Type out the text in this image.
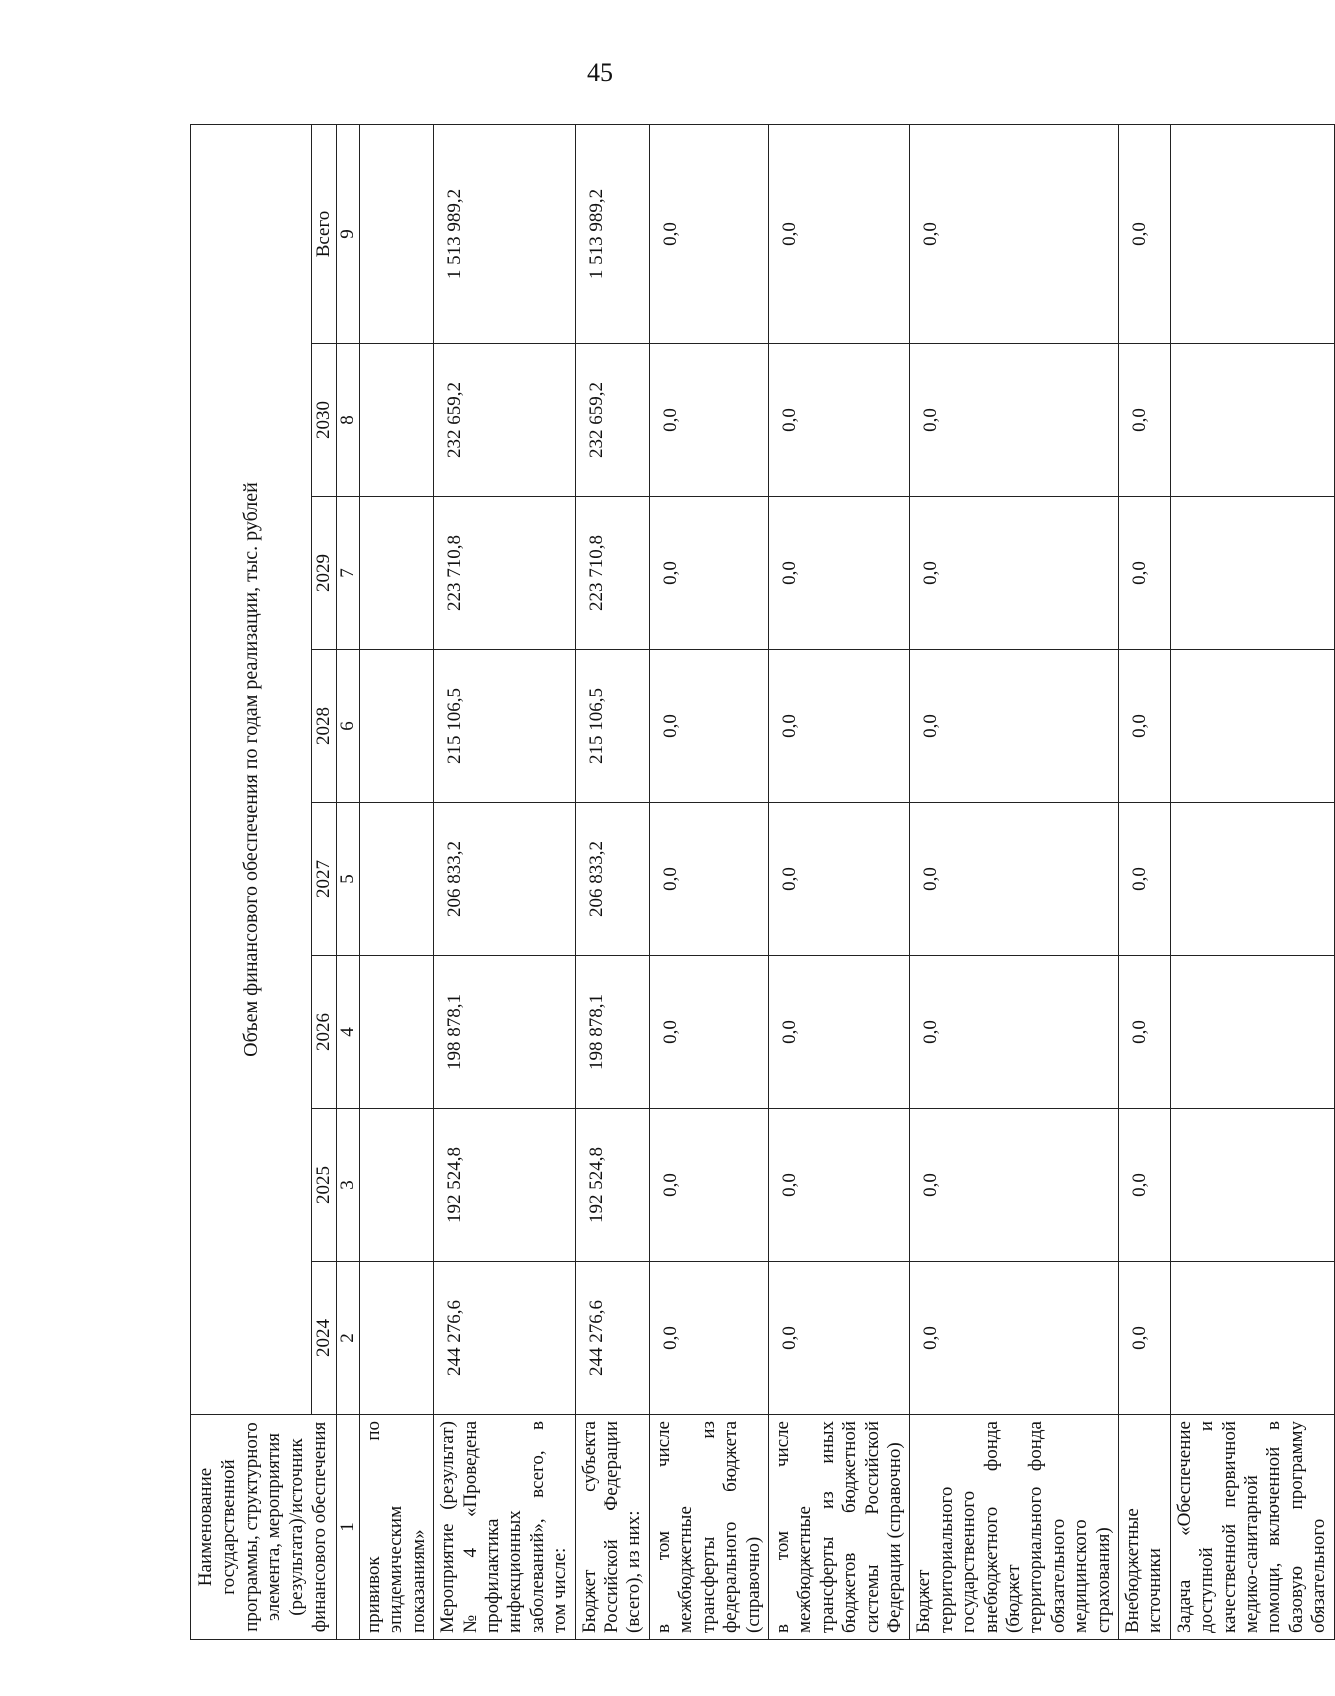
45
Наименование государственной программы, структурного элемента, мероприятия (результата)/источник финансового обеспечения	Объем финансового обеспечения по годам реализации, тыс. рублей							
	2024	2025	2026	2027	2028	2029	2030	Всего
1	2	3	4	5	6	7	8	9
прививок по эпидемическим показаниям»								
Мероприятие (результат) № 4 «Проведена профилактика инфекционных заболеваний», всего, в том числе:	244 276,6	192 524,8	198 878,1	206 833,2	215 106,5	223 710,8	232 659,2	1 513 989,2
Бюджет субъекта Российской Федерации (всего), из них:	244 276,6	192 524,8	198 878,1	206 833,2	215 106,5	223 710,8	232 659,2	1 513 989,2
в том числе межбюджетные трансферты из федерального бюджета (справочно)	0,0	0,0	0,0	0,0	0,0	0,0	0,0	0,0
в том числе межбюджетные трансферты из иных бюджетов бюджетной системы Российской Федерации (справочно)	0,0	0,0	0,0	0,0	0,0	0,0	0,0	0,0
Бюджет территориального государственного внебюджетного фонда (бюджет территориального фонда обязательного медицинского страхования)	0,0	0,0	0,0	0,0	0,0	0,0	0,0	0,0
Внебюджетные источники	0,0	0,0	0,0	0,0	0,0	0,0	0,0	0,0
Задача «Обеспечение доступной и качественной первичной медико-санитарной помощи, включенной в базовую программу обязательного								
